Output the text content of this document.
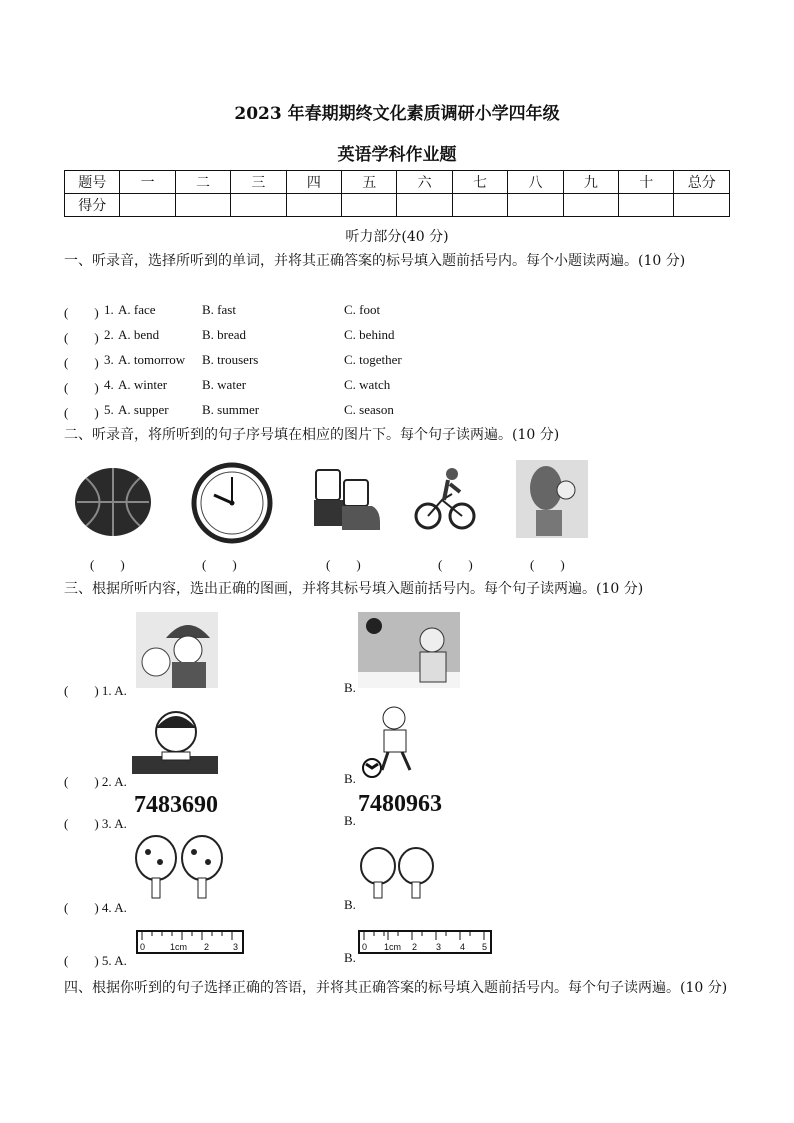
2023 年春期期终文化素质调研小学四年级
英语学科作业题
题号	一	二	三	四	五	六	七	八	九	十	总分
得分											
听力部分(40 分)
一、听录音，选择所听到的单词，并将其正确答案的标号填入题前括号内。每个小题读两遍。(10 分)
(　　) 1. A. face	B. fast	C. foot
(　　) 2. A. bend	B. bread	C. behind
(　　) 3. A. tomorrow B. trousers	C. together
(　　) 4. A. winter	B. water	C. watch
(　　) 5. A. supper	B. summer	C. season
二、听录音，将所听到的句子序号填在相应的图片下。每个句子读两遍。(10 分)
(　　)	(　　)	(　　)	(　　)	(　　)
三、根据所听内容，选出正确的图画，并将其标号填入题前括号内。每个句子读两遍。(10 分)
(　　) 1. A.	B.
(　　) 2. A.	B.
7483690	7480963
(　　) 3. A.	B.
(　　) 4. A.	B.
0	1cm 2	3	0 1cm 2 3 4 5
(　　) 5. A.	B.
四、根据你听到的句子选择正确的答语，并将其正确答案的标号填入题前括号内。每个句子读两遍。(10 分)
